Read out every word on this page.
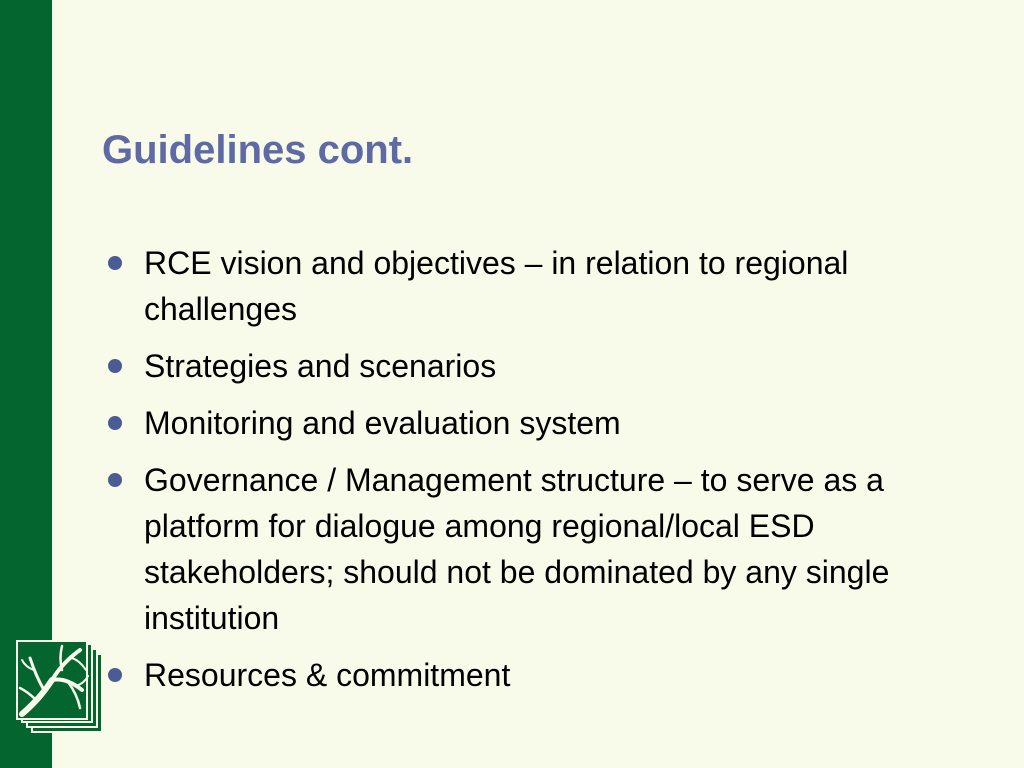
Guidelines cont.
RCE vision and objectives – in relation to regional challenges
Strategies and scenarios
Monitoring and evaluation system
Governance / Management structure – to serve as a platform for dialogue among regional/local ESD stakeholders; should not be dominated by any single institution
Resources & commitment
